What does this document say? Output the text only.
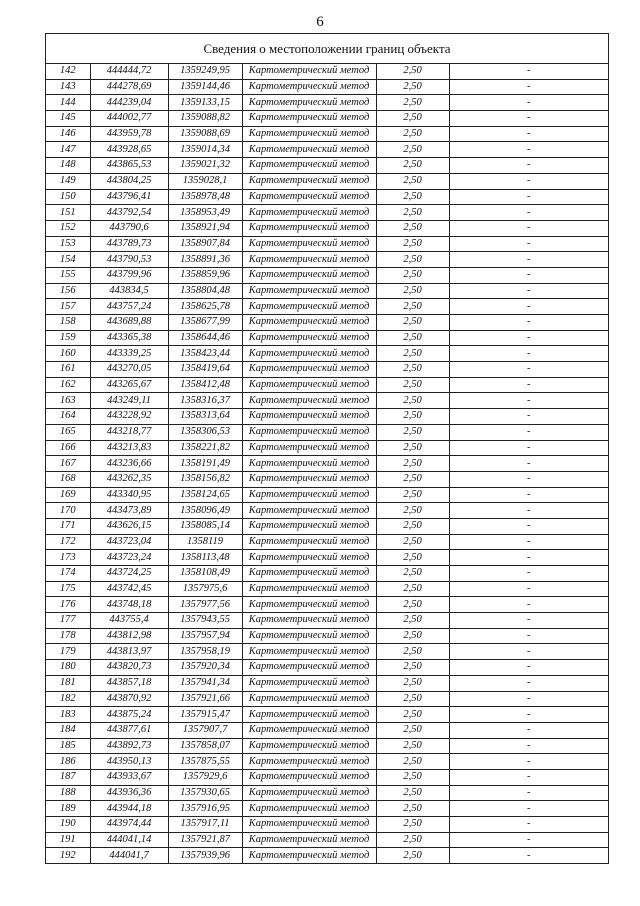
6
Сведения о местоположении границ объекта
142	444444,72	1359249,95	Картометрический метод	2,50	-
143	444278,69	1359144,46	Картометрический метод	2,50	-
144	444239,04	1359133,15	Картометрический метод	2,50	-
145	444002,77	1359088,82	Картометрический метод	2,50	-
146	443959,78	1359088,69	Картометрический метод	2,50	-
147	443928,65	1359014,34	Картометрический метод	2,50	-
148	443865,53	1359021,32	Картометрический метод	2,50	-
149	443804,25	1359028,1	Картометрический метод	2,50	-
150	443796,41	1358978,48	Картометрический метод	2,50	-
151	443792,54	1358953,49	Картометрический метод	2,50	-
152	443790,6	1358921,94	Картометрический метод	2,50	-
153	443789,73	1358907,84	Картометрический метод	2,50	-
154	443790,53	1358891,36	Картометрический метод	2,50	-
155	443799,96	1358859,96	Картометрический метод	2,50	-
156	443834,5	1358804,48	Картометрический метод	2,50	-
157	443757,24	1358625,78	Картометрический метод	2,50	-
158	443689,88	1358677,99	Картометрический метод	2,50	-
159	443365,38	1358644,46	Картометрический метод	2,50	-
160	443339,25	1358423,44	Картометрический метод	2,50	-
161	443270,05	1358419,64	Картометрический метод	2,50	-
162	443265,67	1358412,48	Картометрический метод	2,50	-
163	443249,11	1358316,37	Картометрический метод	2,50	-
164	443228,92	1358313,64	Картометрический метод	2,50	-
165	443218,77	1358306,53	Картометрический метод	2,50	-
166	443213,83	1358221,82	Картометрический метод	2,50	-
167	443236,66	1358191,49	Картометрический метод	2,50	-
168	443262,35	1358156,82	Картометрический метод	2,50	-
169	443340,95	1358124,65	Картометрический метод	2,50	-
170	443473,89	1358096,49	Картометрический метод	2,50	-
171	443626,15	1358085,14	Картометрический метод	2,50	-
172	443723,04	1358119	Картометрический метод	2,50	-
173	443723,24	1358113,48	Картометрический метод	2,50	-
174	443724,25	1358108,49	Картометрический метод	2,50	-
175	443742,45	1357975,6	Картометрический метод	2,50	-
176	443748,18	1357977,56	Картометрический метод	2,50	-
177	443755,4	1357943,55	Картометрический метод	2,50	-
178	443812,98	1357957,94	Картометрический метод	2,50	-
179	443813,97	1357958,19	Картометрический метод	2,50	-
180	443820,73	1357920,34	Картометрический метод	2,50	-
181	443857,18	1357941,34	Картометрический метод	2,50	-
182	443870,92	1357921,66	Картометрический метод	2,50	-
183	443875,24	1357915,47	Картометрический метод	2,50	-
184	443877,61	1357907,7	Картометрический метод	2,50	-
185	443892,73	1357858,07	Картометрический метод	2,50	-
186	443950,13	1357875,55	Картометрический метод	2,50	-
187	443933,67	1357929,6	Картометрический метод	2,50	-
188	443936,36	1357930,65	Картометрический метод	2,50	-
189	443944,18	1357916,95	Картометрический метод	2,50	-
190	443974,44	1357917,11	Картометрический метод	2,50	-
191	444041,14	1357921,87	Картометрический метод	2,50	-
192	444041,7	1357939,96	Картометрический метод	2,50	-
